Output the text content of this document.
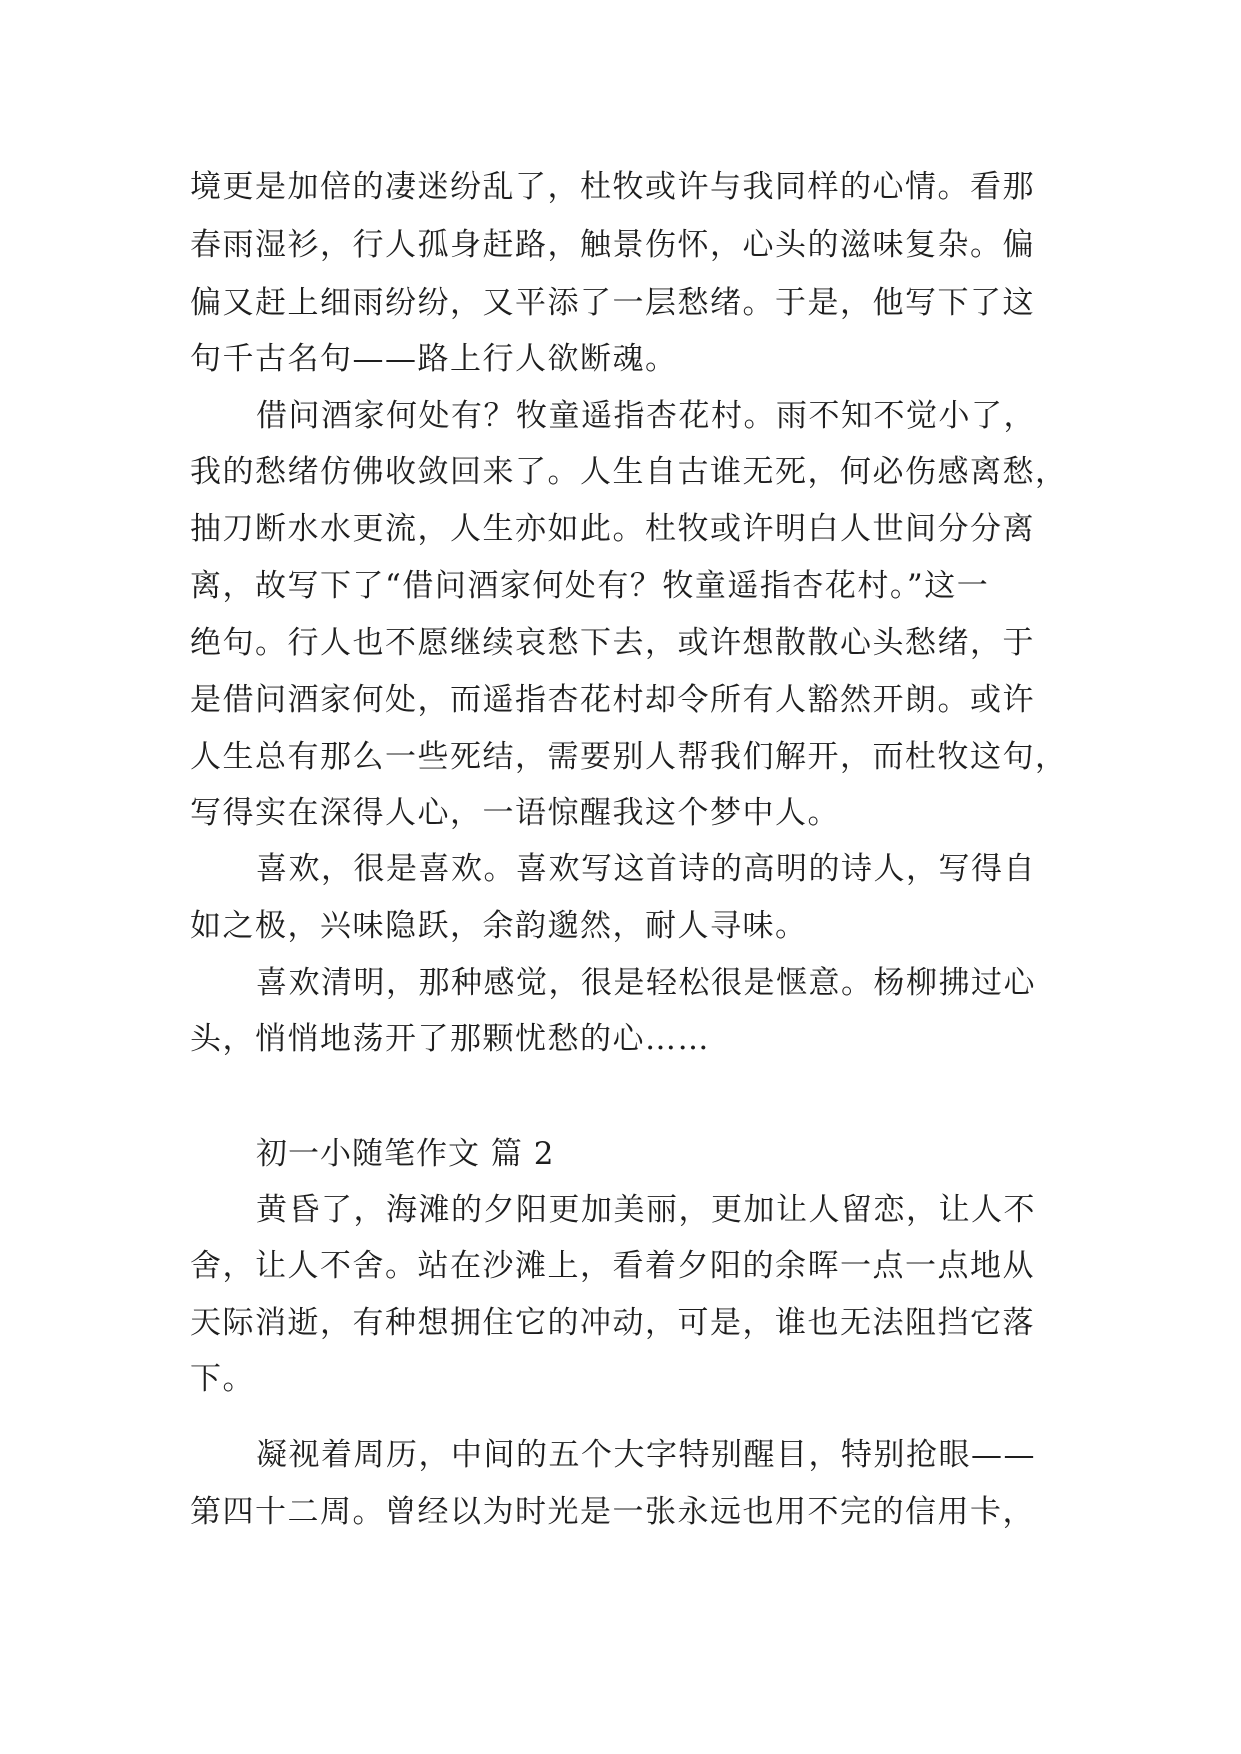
境更是加倍的凄迷纷乱了，杜牧或许与我同样的心情。看那
春雨湿衫，行人孤身赶路，触景伤怀，心头的滋味复杂。偏
偏又赶上细雨纷纷，又平添了一层愁绪。于是，他写下了这
句千古名句——路上行人欲断魂。
借问酒家何处有？牧童遥指杏花村。雨不知不觉小了，
我的愁绪仿佛收敛回来了。人生自古谁无死，何必伤感离愁，
抽刀断水水更流，人生亦如此。杜牧或许明白人世间分分离
离，故写下了“借问酒家何处有？牧童遥指杏花村。”这一
绝句。行人也不愿继续哀愁下去，或许想散散心头愁绪，于
是借问酒家何处，而遥指杏花村却令所有人豁然开朗。或许
人生总有那么一些死结，需要别人帮我们解开，而杜牧这句，
写得实在深得人心，一语惊醒我这个梦中人。
喜欢，很是喜欢。喜欢写这首诗的高明的诗人，写得自
如之极，兴味隐跃，余韵邈然，耐人寻味。
喜欢清明，那种感觉，很是轻松很是惬意。杨柳拂过心
头，悄悄地荡开了那颗忧愁的心……
初一小随笔作文 篇 2
黄昏了，海滩的夕阳更加美丽，更加让人留恋，让人不
舍，让人不舍。站在沙滩上，看着夕阳的余晖一点一点地从
天际消逝，有种想拥住它的冲动，可是，谁也无法阻挡它落
下。
凝视着周历，中间的五个大字特别醒目，特别抢眼——
第四十二周。曾经以为时光是一张永远也用不完的信用卡，
